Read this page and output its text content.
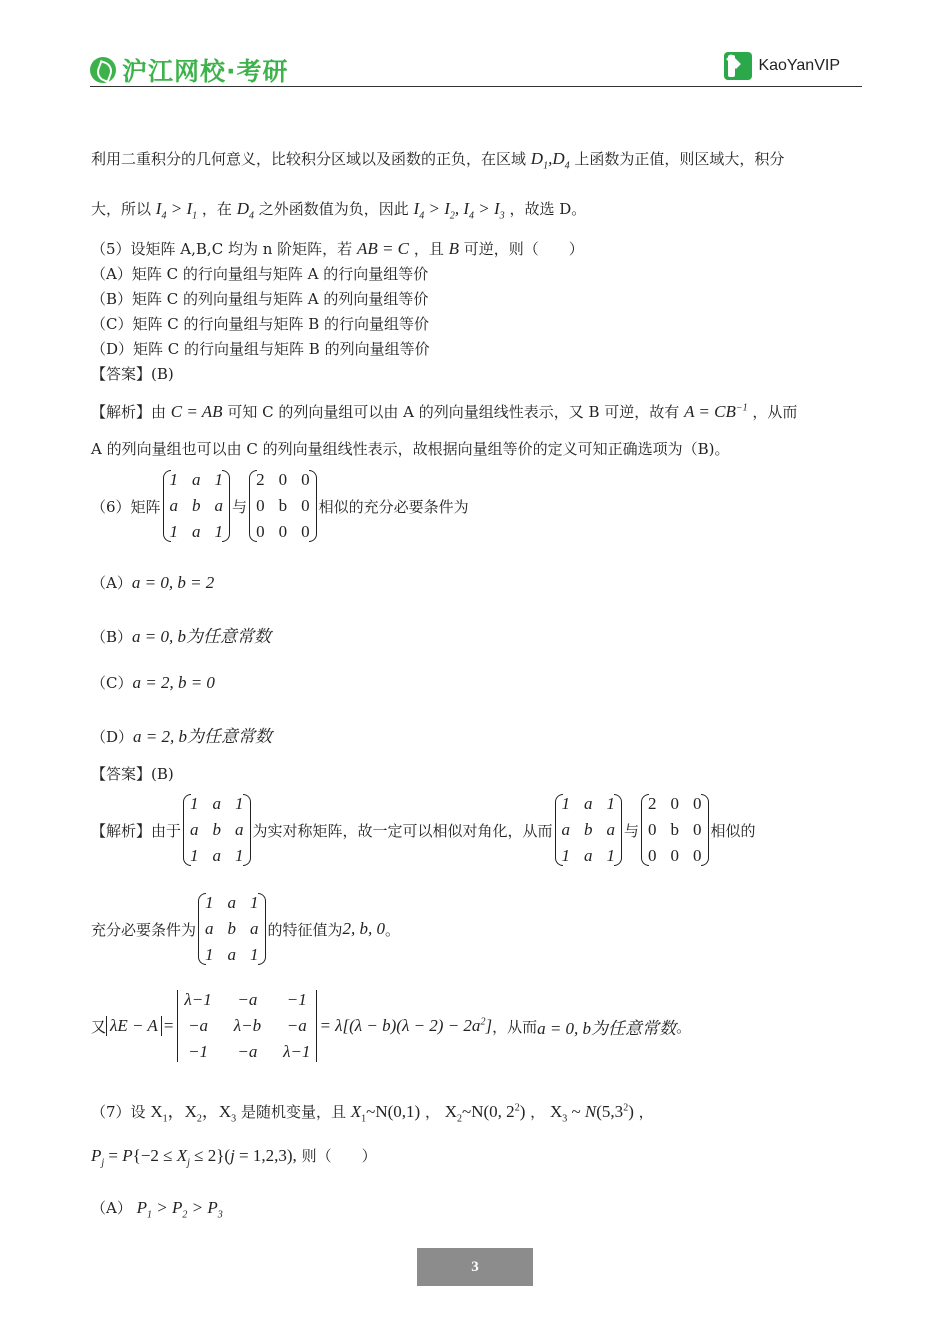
沪江网校·考研	KaoYanVIP
利用二重积分的几何意义，比较积分区域以及函数的正负，在区域 $D_1,D_4$ 上函数为正值，则区域大，积分
大，所以 $I_4 > I_1$ ，在 $D_4$ 之外函数值为负，因此 $I_4 > I_2$, $I_4 > I_3$ ，故选 D。
（5）设矩阵 A,B,C 均为 n 阶矩阵，若 AB = C ，且 B 可逆，则（　　）
（A）矩阵 C 的行向量组与矩阵 A 的行向量组等价
（B）矩阵 C 的列向量组与矩阵 A 的列向量组等价
（C）矩阵 C 的行向量组与矩阵 B 的行向量组等价
（D）矩阵 C 的行向量组与矩阵 B 的列向量组等价
【答案】(B)
【解析】由 C = AB 可知 C 的列向量组可以由 A 的列向量组线性表示，又 B 可逆，故有 $A = CB^{-1}$ ，从而
A 的列向量组也可以由 C 的列向量组线性表示，故根据向量组等价的定义可知正确选项为（B)。
（6）矩阵
1 a 1
a b a
1 a 1
与
2 0 0
0 b 0
0 0 0
相似的充分必要条件为
（A）a = 0, b = 2
（B）a = 0, b为任意常数
（C）a = 2, b = 0
（D）a = 2, b为任意常数
【答案】(B)
【解析】由于
1 a 1
a b a
1 a 1
为实对称矩阵，故一定可以相似对角化，从而
1 a 1
a b a
1 a 1
与
2 0 0
0 b 0
0 0 0
相似的
充分必要条件为
1 a 1
a b a
1 a 1
的特征值为 2, b, 0 。
又 λE − A =
λ−1 −a −1
−a λ−b −a
−1 −a λ−1
= $\lambda[(\lambda - b)(\lambda - 2) - 2a^2]$ ，从而 a = 0, b为任意常数 。
（7）设 $X_1$，$X_2$，$X_3$ 是随机变量，且 $X_1\sim N(0,1)$ ， $X_2\sim N(0$, $2^2$) ， $X_3$ ~ $N(5,3^2)$ ，
$P_j = P\{-2 \le X_j \le 2\}(j = 1,2,3)$, 则（　　）
（A） $P_1 > P_2 > P_3$
3
